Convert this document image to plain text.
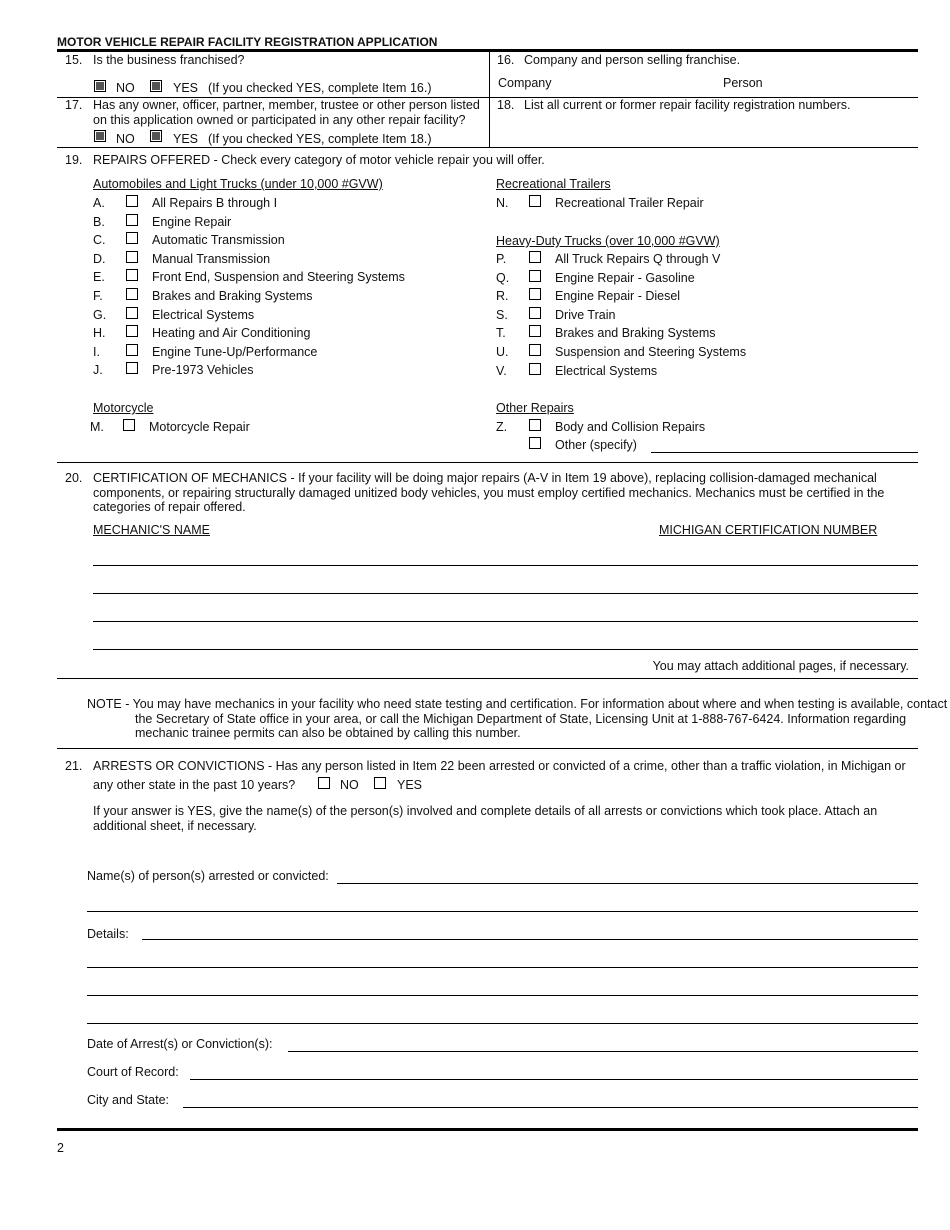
MOTOR VEHICLE REPAIR FACILITY REGISTRATION APPLICATION
15. Is the business franchised?
NO	YES (If you checked YES, complete Item 16.)
16. Company and person selling franchise.
Company	Person
17. Has any owner, officer, partner, member, trustee or other person listed on this application owned or participated in any other repair facility?
NO	YES (If you checked YES, complete Item 18.)
18. List all current or former repair facility registration numbers.
19. REPAIRS OFFERED - Check every category of motor vehicle repair you will offer.
Automobiles and Light Trucks (under 10,000 #GVW)
A.	All Repairs B through I
B.	Engine Repair
C.	Automatic Transmission
D.	Manual Transmission
E.	Front End, Suspension and Steering Systems
F.	Brakes and Braking Systems
G.	Electrical Systems
H.	Heating and Air Conditioning
I.	Engine Tune-Up/Performance
J.	Pre-1973 Vehicles
Motorcycle
M.	Motorcycle Repair
Recreational Trailers
N.	Recreational Trailer Repair
Heavy-Duty Trucks (over 10,000 #GVW)
P.	All Truck Repairs Q through V
Q.	Engine Repair - Gasoline
R.	Engine Repair - Diesel
S.	Drive Train
T.	Brakes and Braking Systems
U.	Suspension and Steering Systems
V.	Electrical Systems
Other Repairs
Z.	Body and Collision Repairs
Other (specify)
20. CERTIFICATION OF MECHANICS - If your facility will be doing major repairs (A-V in Item 19 above), replacing collision-damaged mechanical components, or repairing structurally damaged unitized body vehicles, you must employ certified mechanics. Mechanics must be certified in the categories of repair offered.
MECHANIC'S NAME	MICHIGAN CERTIFICATION NUMBER
You may attach additional pages, if necessary.
NOTE - You may have mechanics in your facility who need state testing and certification. For information about where and when testing is available, contact the Secretary of State office in your area, or call the Michigan Department of State, Licensing Unit at 1-888-767-6424. Information regarding mechanic trainee permits can also be obtained by calling this number.
21. ARRESTS OR CONVICTIONS - Has any person listed in Item 22 been arrested or convicted of a crime, other than a traffic violation, in Michigan or
any other state in the past 10 years?	NO	YES
If your answer is YES, give the name(s) of the person(s) involved and complete details of all arrests or convictions which took place. Attach an additional sheet, if necessary.
Name(s) of person(s) arrested or convicted:
Details:
Date of Arrest(s) or Conviction(s):
Court of Record:
City and State:
2
